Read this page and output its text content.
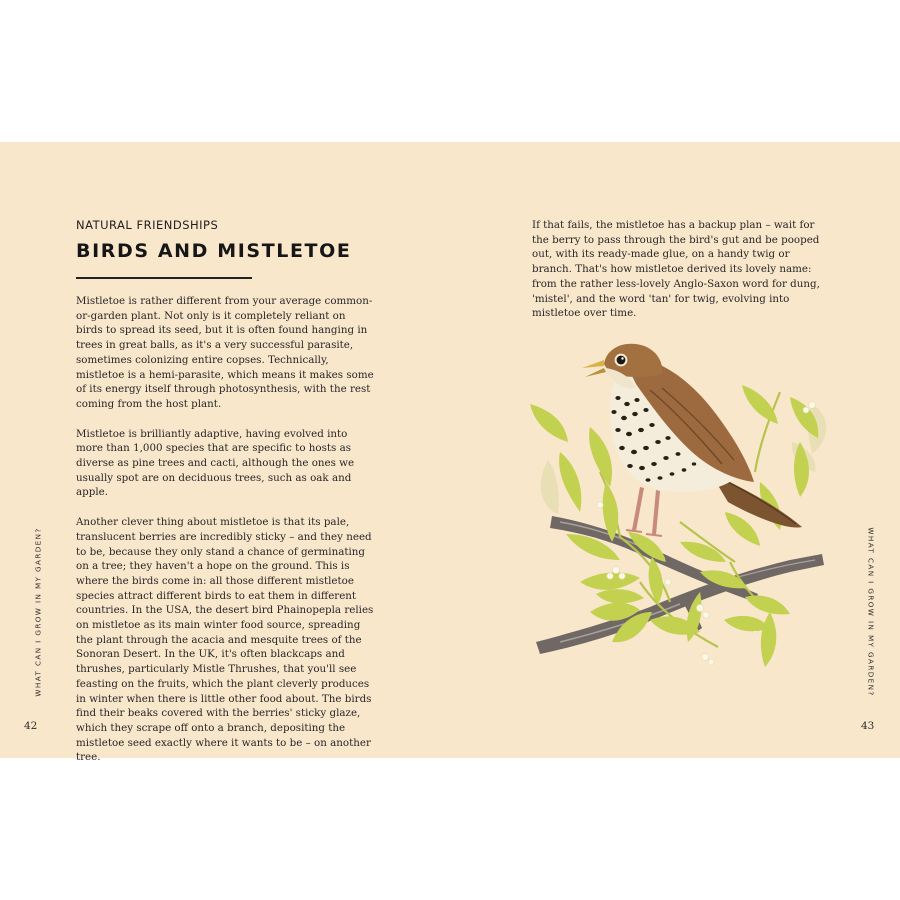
NATURAL FRIENDSHIPS
BIRDS AND MISTLETOE

Mistletoe is rather different from your average common-or-garden plant. Not only is it completely reliant on birds to spread its seed, but it is often found hanging in trees in great balls, as it's a very successful parasite, sometimes colonizing entire copses. Technically, mistletoe is a hemi-parasite, which means it makes some of its energy itself through photosynthesis, with the rest coming from the host plant.

Mistletoe is brilliantly adaptive, having evolved into more than 1,000 species that are specific to hosts as diverse as pine trees and cacti, although the ones we usually spot are on deciduous trees, such as oak and apple.

Another clever thing about mistletoe is that its pale, translucent berries are incredibly sticky – and they need to be, because they only stand a chance of germinating on a tree; they haven't a hope on the ground. This is where the birds come in: all those different mistletoe species attract different birds to eat them in different countries. In the USA, the desert bird Phainopepla relies on mistletoe as its main winter food source, spreading the plant through the acacia and mesquite trees of the Sonoran Desert. In the UK, it's often blackcaps and thrushes, particularly Mistle Thrushes, that you'll see feasting on the fruits, which the plant cleverly produces in winter when there is little other food about. The birds find their beaks covered with the berries' sticky glaze, which they scrape off onto a branch, depositing the mistletoe seed exactly where it wants to be – on another tree.

If that fails, the mistletoe has a backup plan – wait for the berry to pass through the bird's gut and be pooped out, with its ready-made glue, on a handy twig or branch. That's how mistletoe derived its lovely name: from the rather less-lovely Anglo-Saxon word for dung, 'mistel', and the word 'tan' for twig, evolving into mistletoe over time.

WHAT CAN I GROW IN MY GARDEN?	WHAT CAN I GROW IN MY GARDEN?
42	43
